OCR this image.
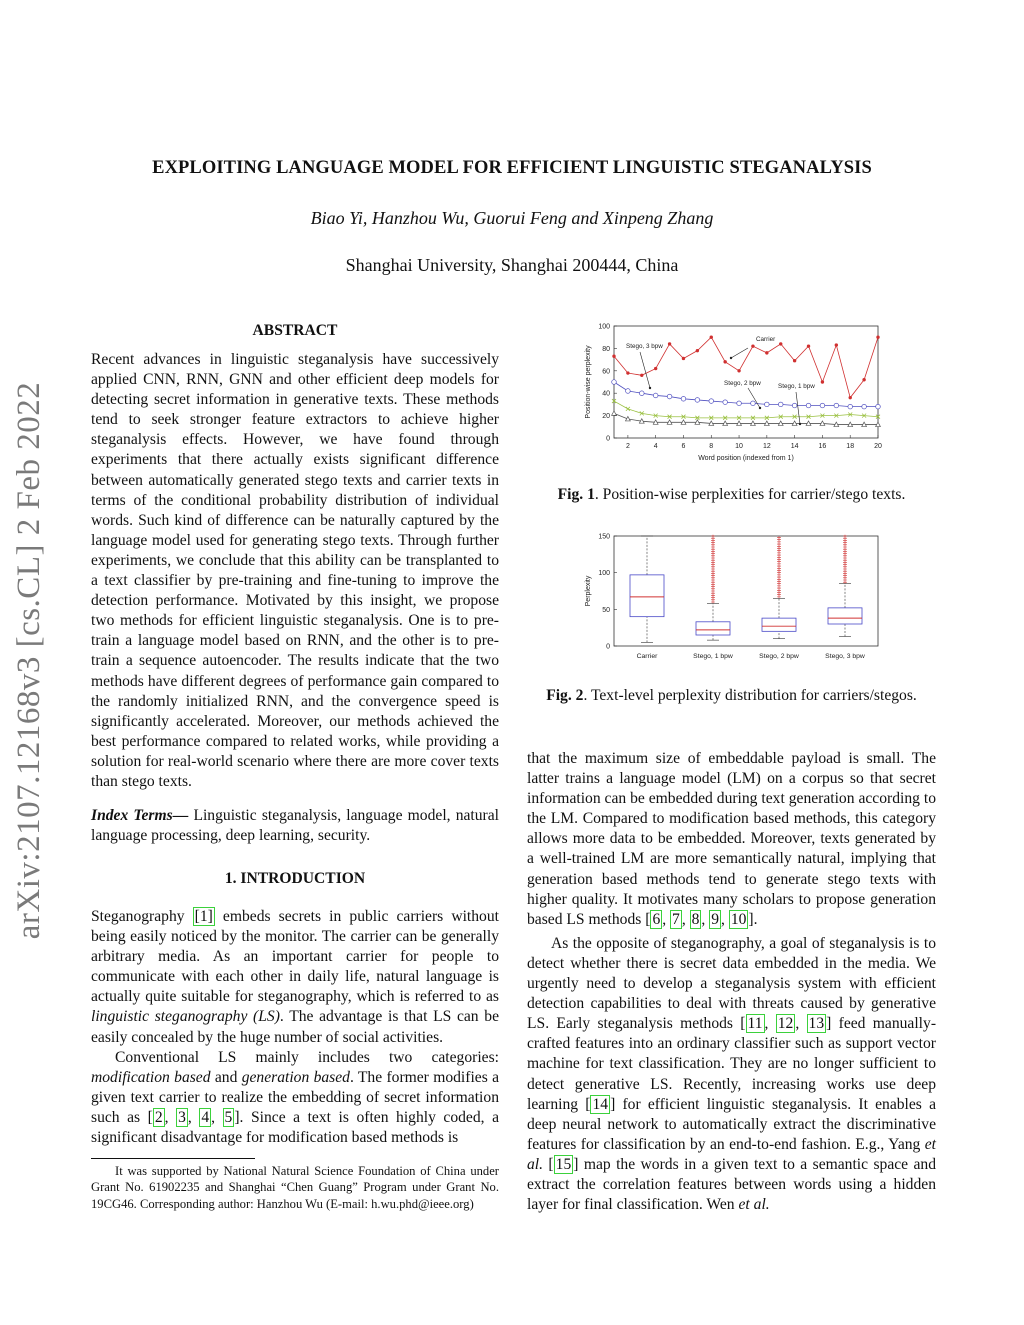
arXiv:2107.12168v3 [cs.CL] 2 Feb 2022
EXPLOITING LANGUAGE MODEL FOR EFFICIENT LINGUISTIC STEGANALYSIS
Biao Yi, Hanzhou Wu, Guorui Feng and Xinpeng Zhang
Shanghai University, Shanghai 200444, China
ABSTRACT

Recent advances in linguistic steganalysis have successively applied CNN, RNN, GNN and other efficient deep models for detecting secret information in generative texts. These methods tend to seek stronger feature extractors to achieve higher steganalysis effects. However, we have found through experiments that there actually exists significant difference between automatically generated stego texts and carrier texts in terms of the conditional probability distribution of individual words. Such kind of difference can be naturally captured by the language model used for generating stego texts. Through further experiments, we conclude that this ability can be transplanted to a text classifier by pre-training and fine-tuning to improve the detection performance. Motivated by this insight, we propose two methods for efficient linguistic steganalysis. One is to pre-train a language model based on RNN, and the other is to pre-train a sequence autoencoder. The results indicate that the two methods have different degrees of performance gain compared to the randomly initialized RNN, and the convergence speed is significantly accelerated. Moreover, our methods achieved the best performance compared to related works, while providing a solution for real-world scenario where there are more cover texts than stego texts.

Index Terms— Linguistic steganalysis, language model, natural language processing, deep learning, security.

1. INTRODUCTION

Steganography [1] embeds secrets in public carriers without being easily noticed by the monitor. The carrier can be generally arbitrary media. As an important carrier for people to communicate with each other in daily life, natural language is actually quite suitable for steganography, which is referred to as linguistic steganography (LS). The advantage is that LS can be easily concealed by the huge number of social activities.

Conventional LS mainly includes two categories: modification based and generation based. The former modifies a given text carrier to realize the embedding of secret information such as [ 2 , 3 , 4 , 5 ]. Since a text is often highly coded, a significant disadvantage for modification based methods is

It was supported by National Natural Science Foundation of China under Grant No. 61902235 and Shanghai “Chen Guang” Program under Grant No. 19CG46. Corresponding author: Hanzhou Wu (E-mail: h.wu.phd@ieee.org)
0
20
40
60
80
100
2	4	6	8	10	12	14	16	18	20
Word position (indexed from 1)
Position-wise perplexity
Carrier
Stego, 3 bpw
Stego, 2 bpw	Stego, 1 bpw
Fig. 1. Position-wise perplexities for carrier/stego texts.
0
50
100
150
Perplexity
Carrier	Stego, 1 bpw	Stego, 2 bpw	Stego, 3 bpw
Fig. 2. Text-level perplexity distribution for carriers/stegos.

that the maximum size of embeddable payload is small. The latter trains a language model (LM) on a corpus so that secret information can be embedded during text generation according to the LM. Compared to modification based methods, this category allows more data to be embedded. Moreover, texts generated by a well-trained LM are more semantically natural, implying that generation based methods tend to generate stego texts with higher quality. It motivates many scholars to propose generation based LS methods [ 6 , 7 , 8 , 9 , 10 ].

As the opposite of steganography, a goal of steganalysis is to detect whether there is secret data embedded in the media. We urgently need to develop a steganalysis system with efficient detection capabilities to deal with threats caused by generative LS. Early steganalysis methods [ 11 , 12 , 13 ] feed manually-crafted features into an ordinary classifier such as support vector machine for text classification. They are no longer sufficient to detect generative LS. Recently, increasing works use deep learning [ 14 ] for efficient linguistic steganalysis. It enables a deep neural network to automatically extract the discriminative features for classification by an end-to-end fashion. E.g., Yang et al. [ 15 ] map the words in a given text to a semantic space and extract the correlation features between words using a hidden layer for final classification. Wen et al.
